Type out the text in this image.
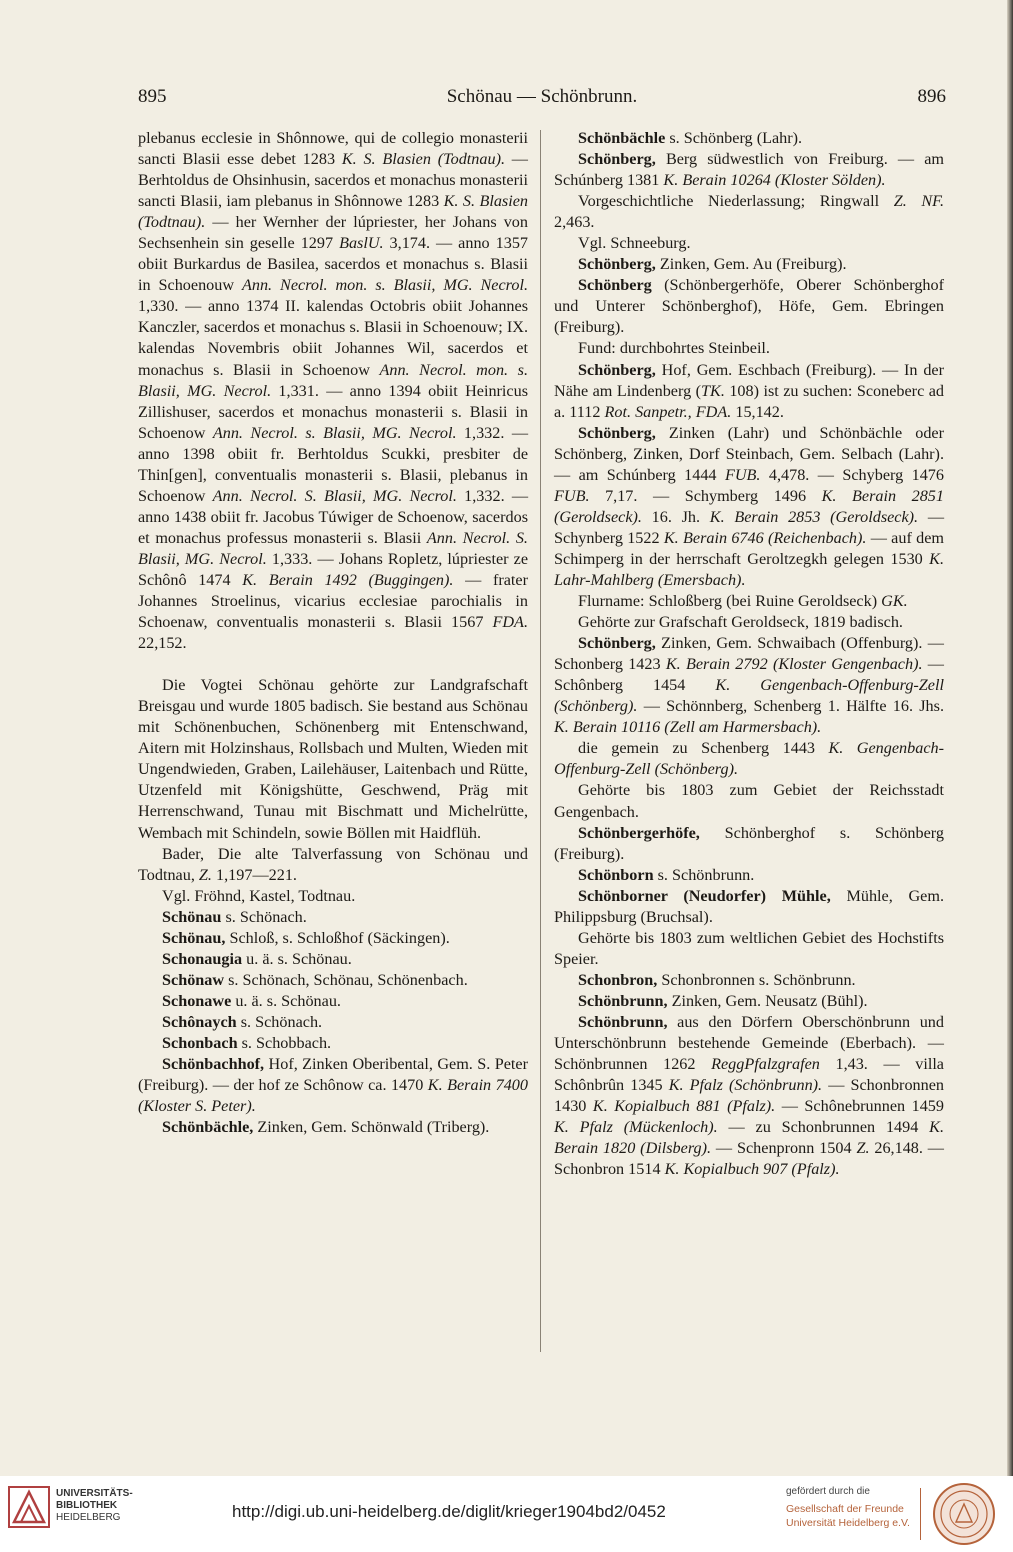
895	Schönau — Schönbrunn.	896

plebanus ecclesie in Shônnowe, qui de collegio monasterii sancti Blasii esse debet 1283 K. S. Blasien (Todtnau). — Berhtoldus de Ohsinhusin, sacerdos et monachus monasterii sancti Blasii, iam plebanus in Shônnowe 1283 K. S. Blasien (Todtnau). — her Wernher der lúpriester, her Johans von Sechsenhein sin geselle 1297 BaslU. 3,174. — anno 1357 obiit Burkardus de Basilea, sacerdos et monachus s. Blasii in Schoenouw Ann. Necrol. mon. s. Blasii, MG. Necrol. 1,330. — anno 1374 II. kalendas Octobris obiit Johannes Kanczler, sacerdos et monachus s. Blasii in Schoenouw; IX. kalendas Novembris obiit Johannes Wil, sacerdos et monachus s. Blasii in Schoenow Ann. Necrol. mon. s. Blasii, MG. Necrol. 1,331. — anno 1394 obiit Heinricus Zillishuser, sacerdos et monachus monasterii s. Blasii in Schoenow Ann. Necrol. s. Blasii, MG. Necrol. 1,332. — anno 1398 obiit fr. Berhtoldus Scukki, presbiter de Thin[gen], conventualis monasterii s. Blasii, plebanus in Schoenow Ann. Necrol. S. Blasii, MG. Necrol. 1,332. — anno 1438 obiit fr. Jacobus Túwiger de Schoenow, sacerdos et monachus professus monasterii s. Blasii Ann. Necrol. S. Blasii, MG. Necrol. 1,333. — Johans Ropletz, lúpriester ze Schônô 1474 K. Berain 1492 (Buggingen). — frater Johannes Stroelinus, vicarius ecclesiae parochialis in Schoenaw, conventualis monasterii s. Blasii 1567 FDA. 22,152.

Die Vogtei Schönau gehörte zur Landgrafschaft Breisgau und wurde 1805 badisch. Sie bestand aus Schönau mit Schönenbuchen, Schönenberg mit Entenschwand, Aitern mit Holzinshaus, Rollsbach und Multen, Wieden mit Ungendwieden, Graben, Lailehäuser, Laitenbach und Rütte, Utzenfeld mit Königshütte, Geschwend, Präg mit Herrenschwand, Tunau mit Bischmatt und Michelrütte, Wembach mit Schindeln, sowie Böllen mit Haidflüh.

Bader, Die alte Talverfassung von Schönau und Todtnau, Z. 1,197—221.

Vgl. Fröhnd, Kastel, Todtnau.

Schönau s. Schönach.

Schönau, Schloß, s. Schloßhof (Säckingen).

Schonaugia u. ä. s. Schönau.

Schönaw s. Schönach, Schönau, Schönenbach.

Schonawe u. ä. s. Schönau.

Schônaych s. Schönach.

Schonbach s. Schobbach.

Schönbachhof, Hof, Zinken Oberibental, Gem. S. Peter (Freiburg). — der hof ze Schônow ca. 1470 K. Berain 7400 (Kloster S. Peter).

Schönbächle, Zinken, Gem. Schönwald (Triberg).

Schönbächle s. Schönberg (Lahr).

Schönberg, Berg südwestlich von Freiburg. — am Schúnberg 1381 K. Berain 10264 (Kloster Sölden).

Vorgeschichtliche Niederlassung; Ringwall Z. NF. 2,463.

Vgl. Schneeburg.

Schönberg, Zinken, Gem. Au (Freiburg).

Schönberg (Schönbergerhöfe, Oberer Schönberghof und Unterer Schönberghof), Höfe, Gem. Ebringen (Freiburg).

Fund: durchbohrtes Steinbeil.

Schönberg, Hof, Gem. Eschbach (Freiburg). — In der Nähe am Lindenberg (TK. 108) ist zu suchen: Sconeberc ad a. 1112 Rot. Sanpetr., FDA. 15,142.

Schönberg, Zinken (Lahr) und Schönbächle oder Schönberg, Zinken, Dorf Steinbach, Gem. Selbach (Lahr). — am Schúnberg 1444 FUB. 4,478. — Schyberg 1476 FUB. 7,17. — Schymberg 1496 K. Berain 2851 (Geroldseck). 16. Jh. K. Berain 2853 (Geroldseck). — Schynberg 1522 K. Berain 6746 (Reichenbach). — auf dem Schimperg in der herrschaft Geroltzegkh gelegen 1530 K. Lahr-Mahlberg (Emersbach).

Flurname: Schloßberg (bei Ruine Geroldseck) GK.

Gehörte zur Grafschaft Geroldseck, 1819 badisch.

Schönberg, Zinken, Gem. Schwaibach (Offenburg). — Schonberg 1423 K. Berain 2792 (Kloster Gengenbach). — Schônberg 1454 K. Gengenbach-Offenburg-Zell (Schönberg). — Schönnberg, Schenberg 1. Hälfte 16. Jhs. K. Berain 10116 (Zell am Harmersbach).

die gemein zu Schenberg 1443 K. Gengenbach-Offenburg-Zell (Schönberg).

Gehörte bis 1803 zum Gebiet der Reichsstadt Gengenbach.

Schönbergerhöfe, Schönberghof s. Schönberg (Freiburg).

Schönborn s. Schönbrunn.

Schönborner (Neudorfer) Mühle, Mühle, Gem. Philippsburg (Bruchsal).

Gehörte bis 1803 zum weltlichen Gebiet des Hochstifts Speier.

Schonbron, Schonbronnen s. Schönbrunn.

Schönbrunn, Zinken, Gem. Neusatz (Bühl).

Schönbrunn, aus den Dörfern Oberschönbrunn und Unterschönbrunn bestehende Gemeinde (Eberbach). — Schönbrunnen 1262 ReggPfalzgrafen 1,43. — villa Schônbrûn 1345 K. Pfalz (Schönbrunn). — Schonbronnen 1430 K. Kopialbuch 881 (Pfalz). — Schônebrunnen 1459 K. Pfalz (Mückenloch). — zu Schonbrunnen 1494 K. Berain 1820 (Dilsberg). — Schenpronn 1504 Z. 26,148. — Schonbron 1514 K. Kopialbuch 907 (Pfalz).

UNIVERSITÄTS-
BIBLIOTHEK
HEIDELBERG	http://digi.ub.uni-heidelberg.de/diglit/krieger1904bd2/0452
gefördert durch die
Gesellschaft der Freunde
Universität Heidelberg e.V.
